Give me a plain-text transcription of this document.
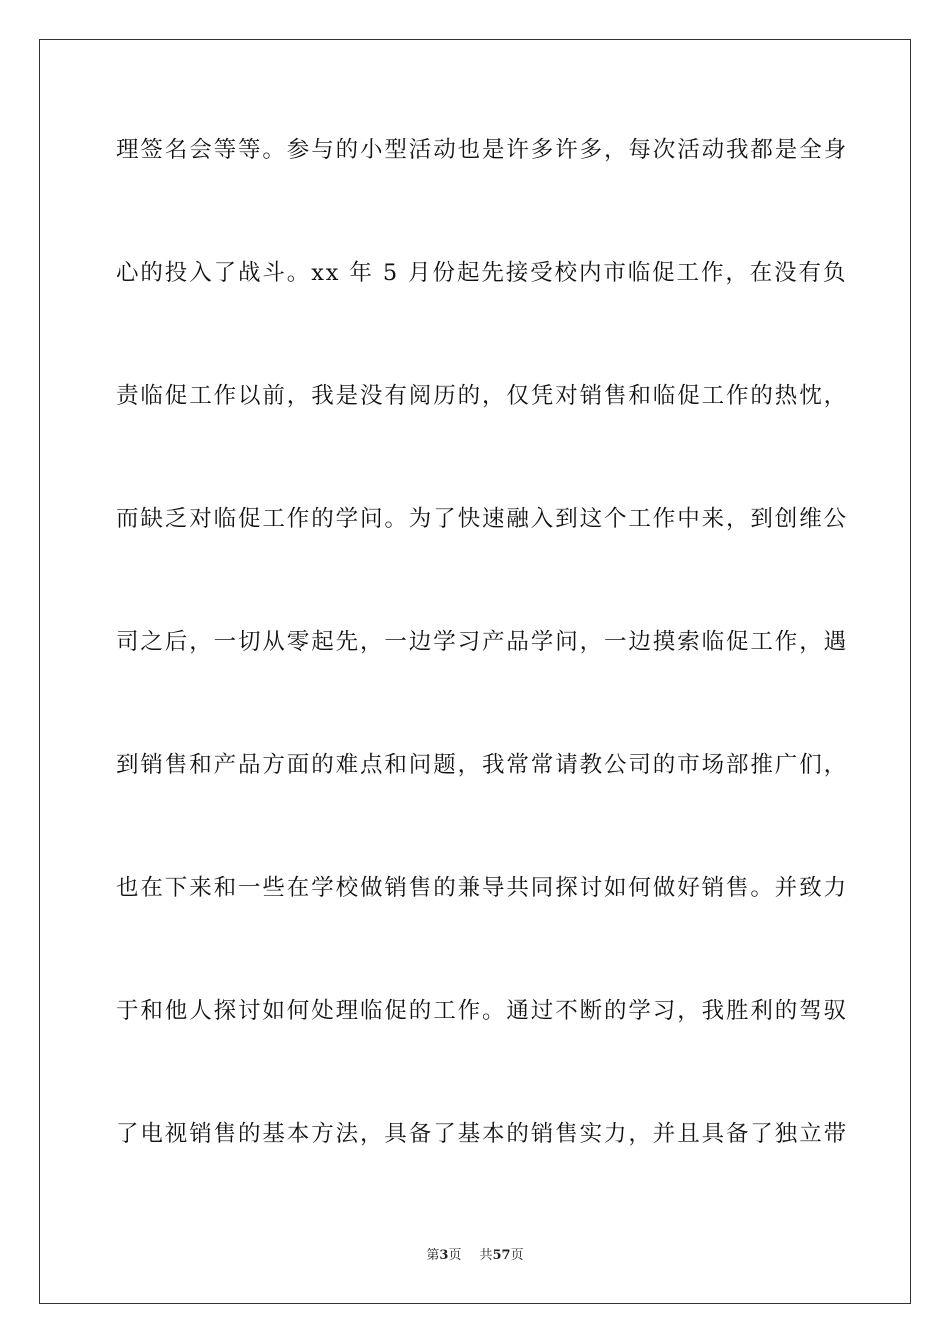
理签名会等等。参与的小型活动也是许多许多，每次活动我都是全身
心的投入了战斗。xx 年 5 月份起先接受校内市临促工作，在没有负
责临促工作以前，我是没有阅历的，仅凭对销售和临促工作的热忱，
而缺乏对临促工作的学问。为了快速融入到这个工作中来，到创维公
司之后，一切从零起先，一边学习产品学问，一边摸索临促工作，遇
到销售和产品方面的难点和问题，我常常请教公司的市场部推广们，
也在下来和一些在学校做销售的兼导共同探讨如何做好销售。并致力
于和他人探讨如何处理临促的工作。通过不断的学习，我胜利的驾驭
了电视销售的基本方法，具备了基本的销售实力，并且具备了独立带
第3页 共57页
